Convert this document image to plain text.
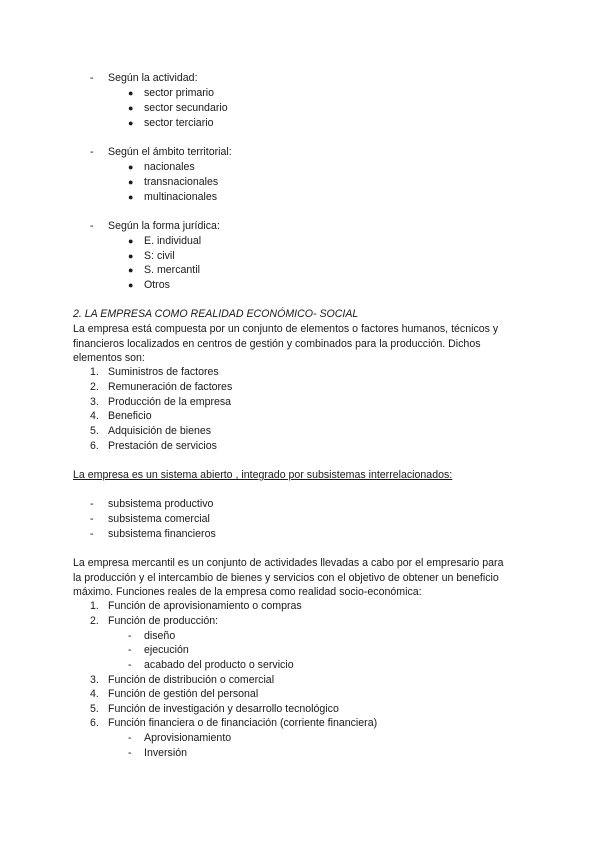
- Según la actividad:
● sector primario
● sector secundario
● sector terciario
- Según el ámbito territorial:
● nacionales
● transnacionales
● multinacionales
- Según la forma jurídica:
● E. individual
● S: civil
● S. mercantil
● Otros
2. LA EMPRESA COMO REALIDAD ECONÓMICO- SOCIAL
La empresa está compuesta por un conjunto de elementos o factores humanos, técnicos y
financieros localizados en centros de gestión y combinados para la producción. Dichos
elementos son:
1. Suministros de factores
2. Remuneración de factores
3. Producción de la empresa
4. Beneficio
5. Adquisición de bienes
6. Prestación de servicios
La empresa es un sistema abierto , integrado por subsistemas interrelacionados:
- subsistema productivo
- subsistema comercial
- subsistema financieros
La empresa mercantil es un conjunto de actividades llevadas a cabo por el empresario para
la producción y el intercambio de bienes y servicios con el objetivo de obtener un beneficio
máximo. Funciones reales de la empresa como realidad socio-económica:
1. Función de aprovisionamiento o compras
2. Función de producción:
- diseño
- ejecución
- acabado del producto o servicio
3. Función de distribución o comercial
4. Función de gestión del personal
5. Función de investigación y desarrollo tecnológico
6. Función financiera o de financiación (corriente financiera)
- Aprovisionamiento
- Inversión
